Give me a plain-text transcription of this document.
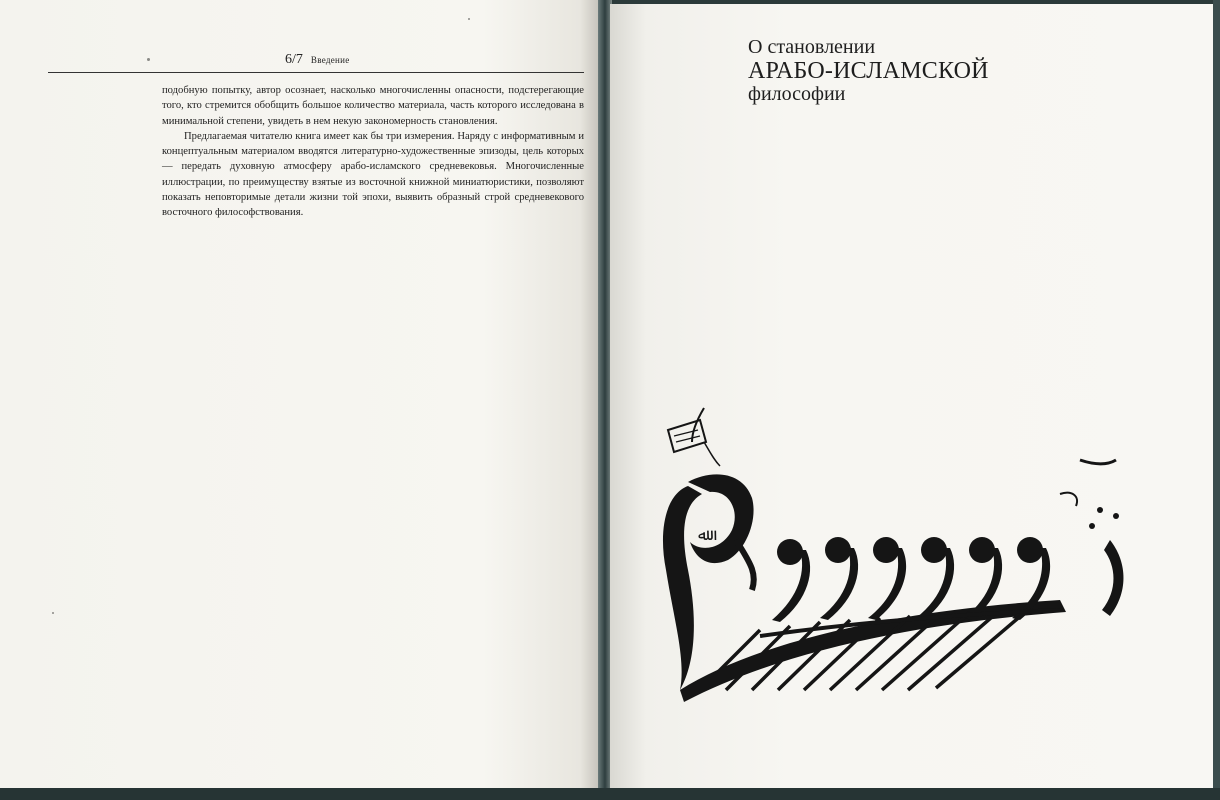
6/7 Введение

подобную попытку, автор осознает, насколько многочисленны опасности, подстерегающие того, кто стремится обобщить большое количество материала, часть которого исследована в минимальной степени, увидеть в нем некую закономерность становления.

Предлагаемая читателю книга имеет как бы три измерения. Наряду с информативным и концептуальным материалом вводятся литературно-художественные эпизоды, цель которых — передать духовную атмосферу арабо-исламского средневековья. Многочисленные иллюстрации, по преимуществу взятые из восточной книжной миниатюристики, позволяют показать неповторимые детали жизни той эпохи, выявить образный строй средневекового восточного философствования.

О становлении
АРАБО-ИСЛАМСКОЙ
философии
ﷲ
